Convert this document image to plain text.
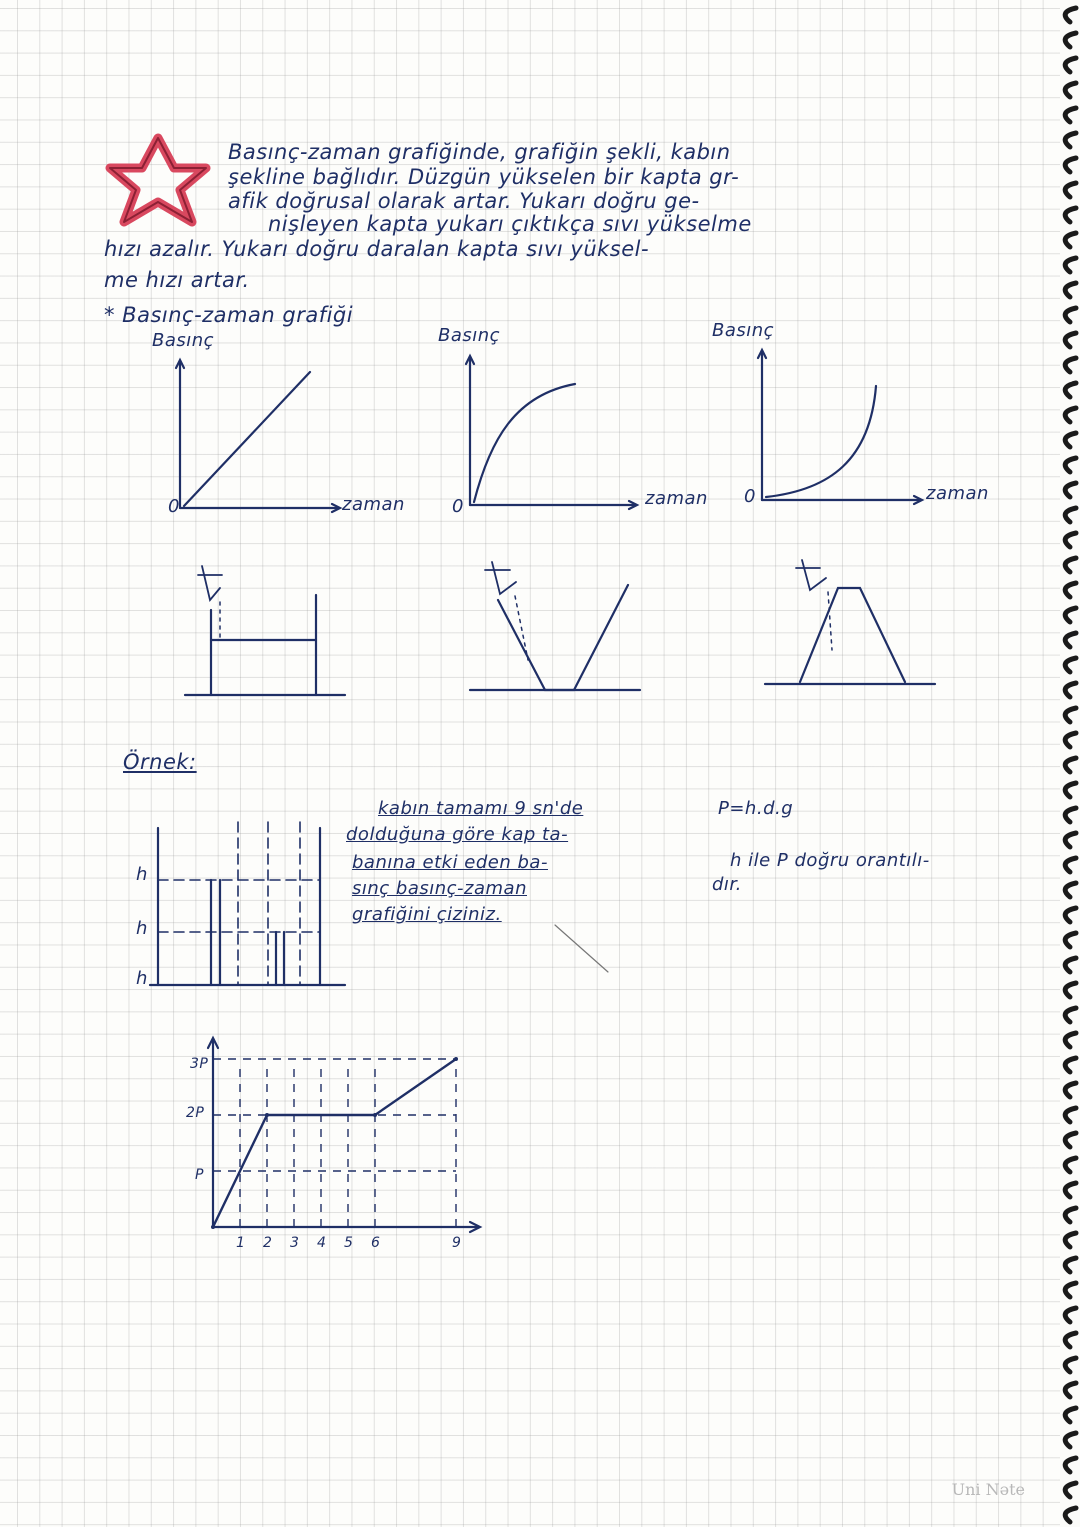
Basınç-zaman grafiğinde, grafiğin şekli, kabın
şekline bağlıdır. Düzgün yükselen bir kapta gr-
afik doğrusal olarak artar. Yukarı doğru ge-
nişleyen kapta yukarı çıktıkça sıvı yükselme
hızı azalır. Yukarı doğru daralan kapta sıvı yüksel-
me hızı artar.
* Basınç-zaman grafiği
Basınç	Basınç	Basınç
0	0	0
zaman	zaman	zaman
Örnek:
kabın tamamı 9 sn'de
dolduğuna göre kap ta-
banına etki eden ba-
sınç basınç-zaman
grafiğini çiziniz.
P=h.d.g
h ile P doğru orantılı-
dır.
h
h
h
1 2 3 4 5 6	9
3P
2P
P
Uni Nəte
